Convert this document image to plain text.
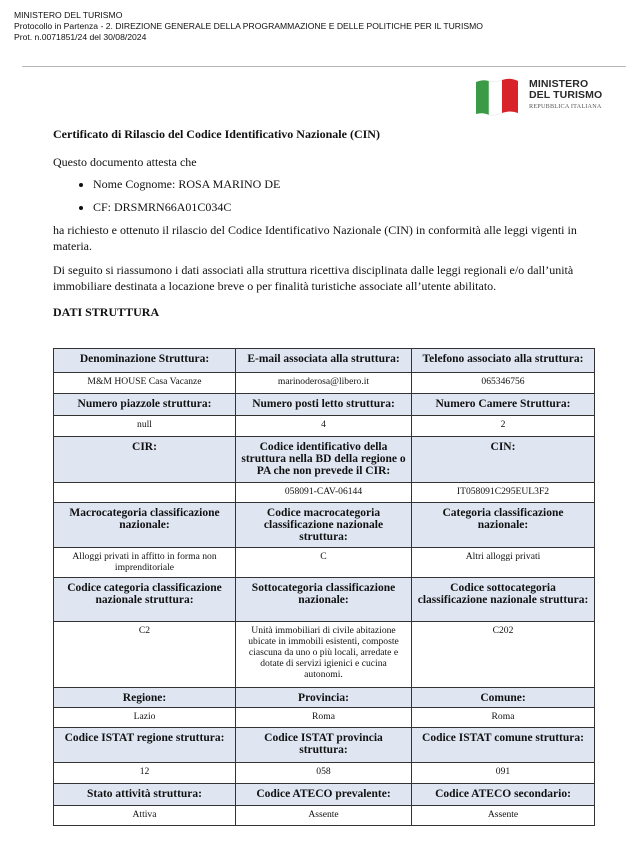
MINISTERO DEL TURISMO
Protocollo in Partenza - 2. DIREZIONE GENERALE DELLA PROGRAMMAZIONE E DELLE POLITICHE PER IL TURISMO
Prot. n.0071851/24 del 30/08/2024
MINISTERO
DEL TURISMO
REPUBBLICA ITALIANA
Certificato di Rilascio del Codice Identificativo Nazionale (CIN)

Questo documento attesta che

• Nome Cognome: ROSA MARINO DE
• CF: DRSMRN66A01C034C

ha richiesto e ottenuto il rilascio del Codice Identificativo Nazionale (CIN) in conformità alle leggi vigenti in materia.

Di seguito si riassumono i dati associati alla struttura ricettiva disciplinata dalle leggi regionali e/o dall’unità immobiliare destinata a locazione breve o per finalità turistiche associate all’utente abilitato.

DATI STRUTTURA
Denominazione Struttura:	E-mail associata alla struttura:	Telefono associato alla struttura:
M&M HOUSE Casa Vacanze	marinoderosa@libero.it	065346756
Numero piazzole struttura:	Numero posti letto struttura:	Numero Camere Struttura:
null	4	2
CIR:	Codice identificativo della struttura nella BD della regione o PA che non prevede il CIR:	CIN:
	058091-CAV-06144	IT058091C295EUL3F2
Macrocategoria classificazione nazionale:	Codice macrocategoria classificazione nazionale struttura:	Categoria classificazione nazionale:
Alloggi privati in affitto in forma non imprenditoriale	C	Altri alloggi privati
Codice categoria classificazione nazionale struttura:	Sottocategoria classificazione nazionale:	Codice sottocategoria classificazione nazionale struttura:
C2	Unità immobiliari di civile abitazione ubicate in immobili esistenti, composte ciascuna da uno o più locali, arredate e dotate di servizi igienici e cucina autonomi.	C202
Regione:	Provincia:	Comune:
Lazio	Roma	Roma
Codice ISTAT regione struttura:	Codice ISTAT provincia struttura:	Codice ISTAT comune struttura:
12	058	091
Stato attività struttura:	Codice ATECO prevalente:	Codice ATECO secondario:
Attiva	Assente	Assente
